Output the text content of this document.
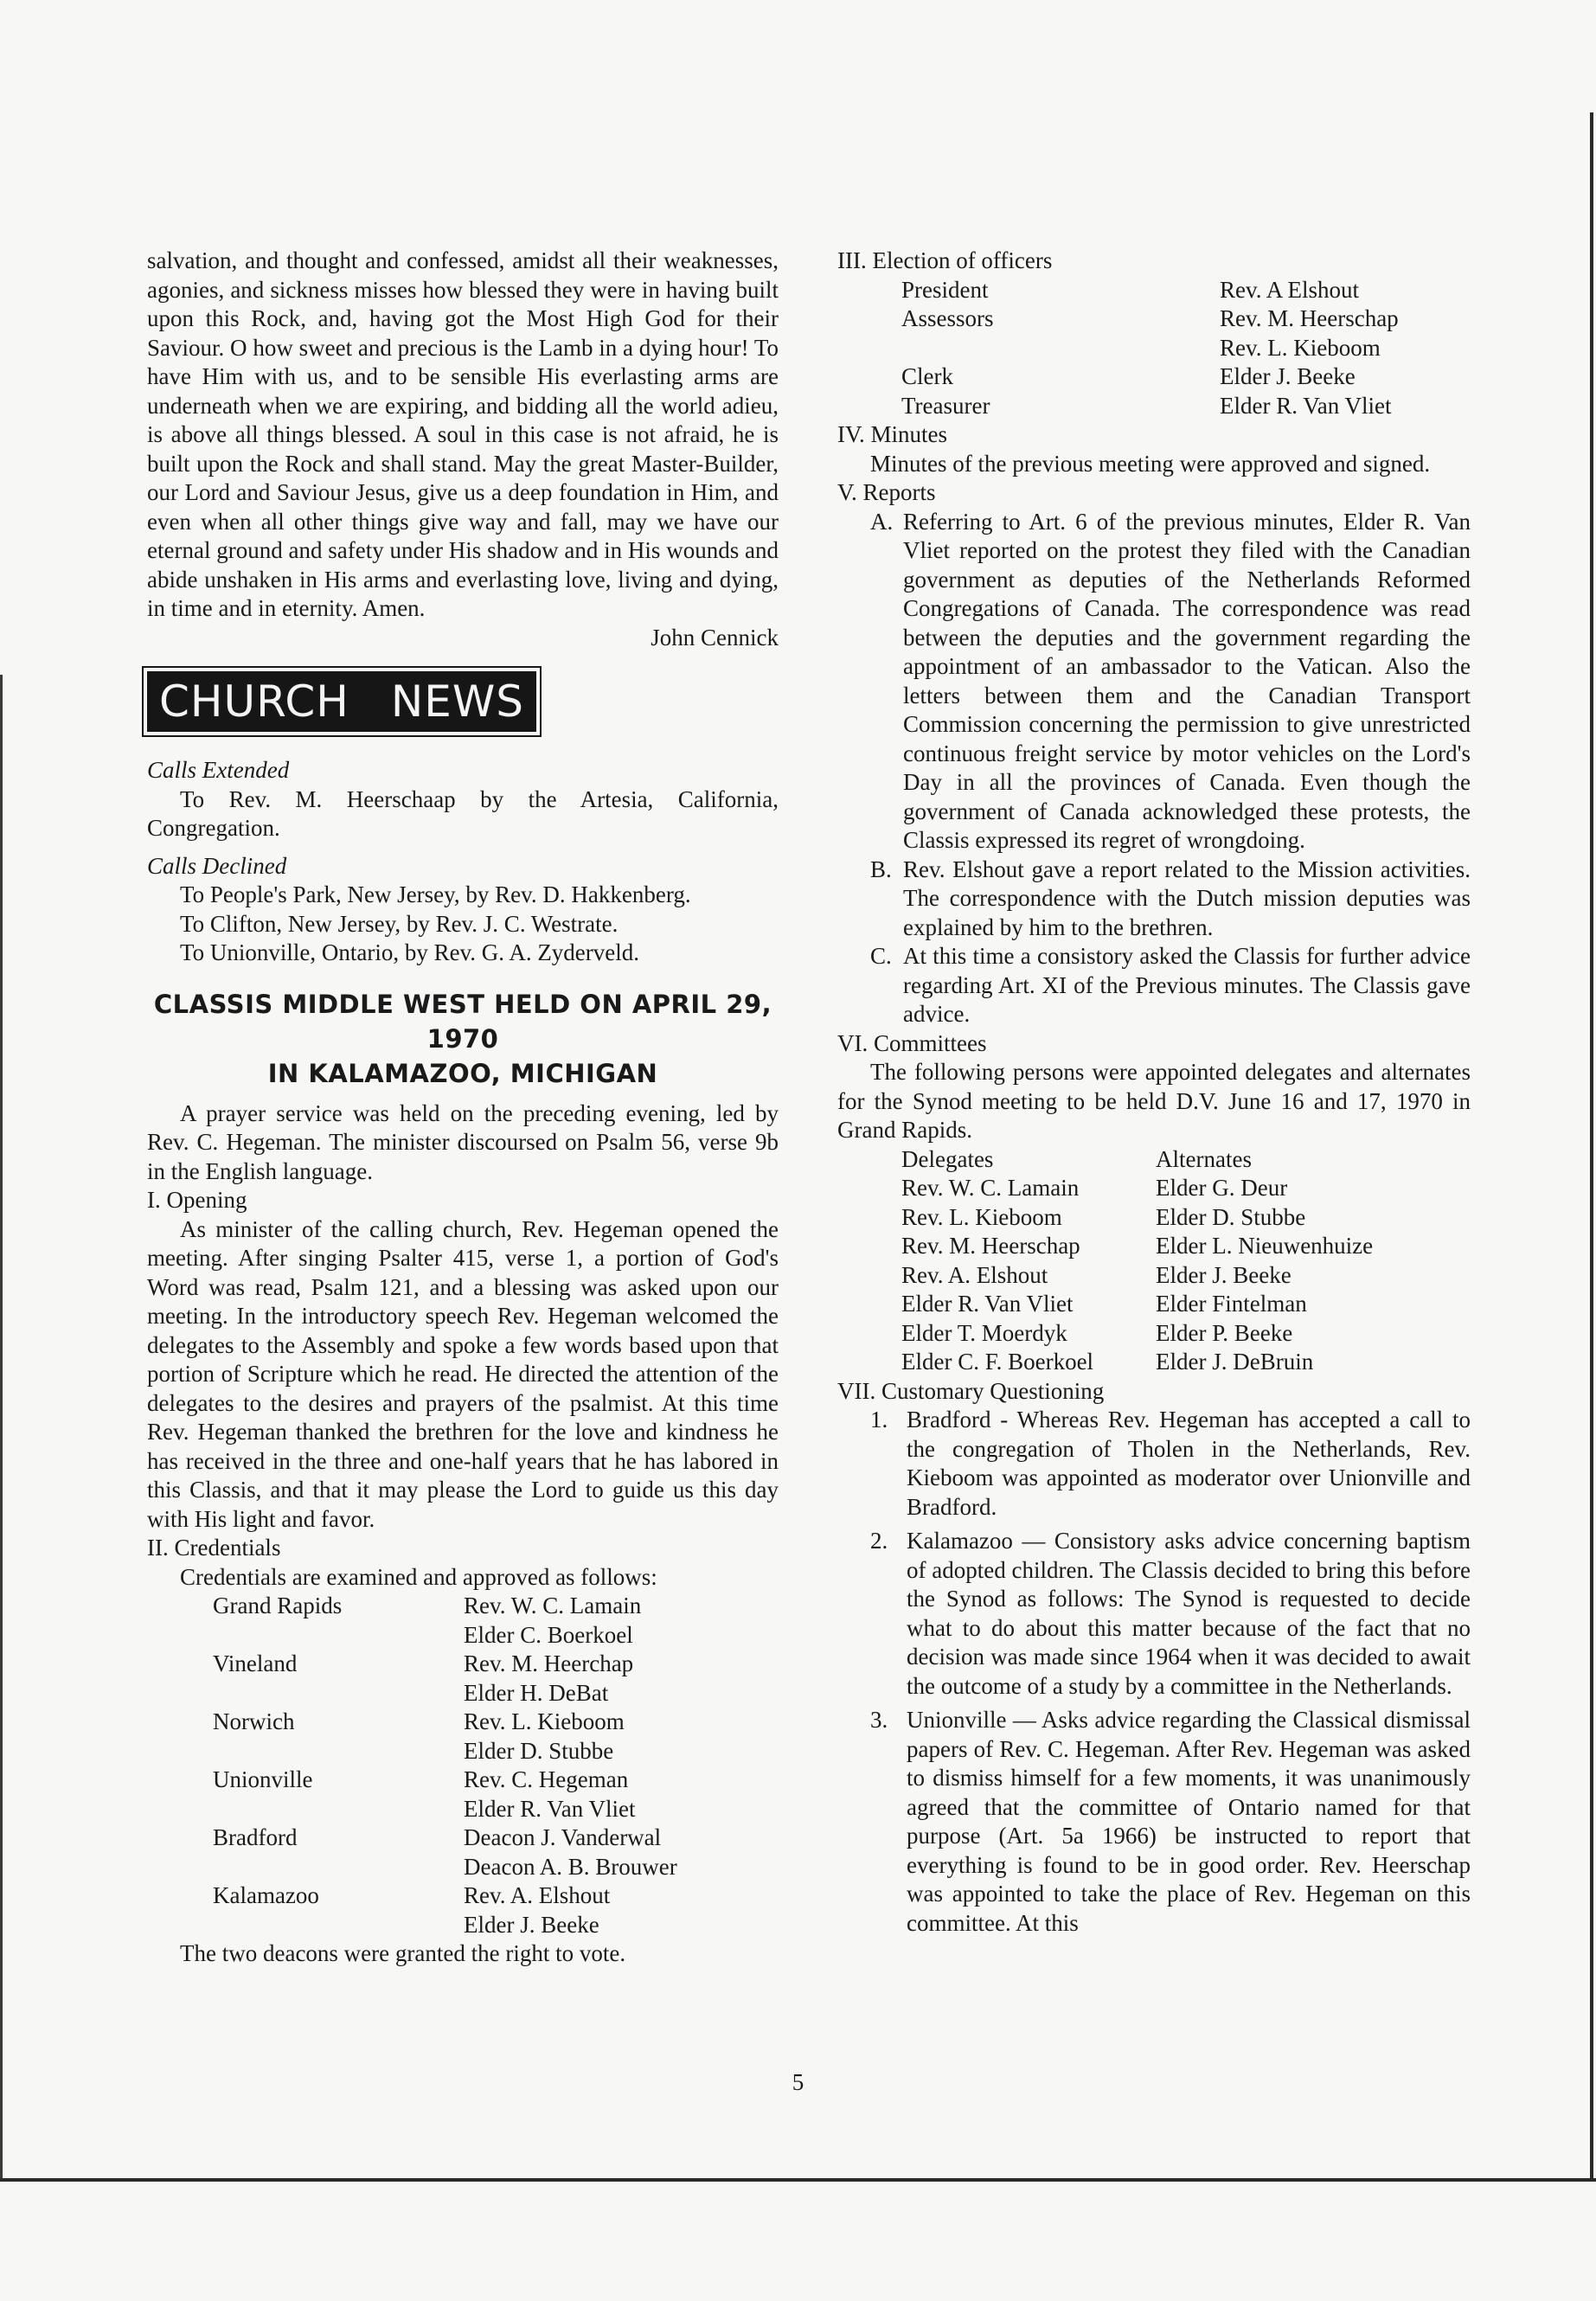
salvation, and thought and confessed, amidst all their weaknesses, agonies, and sickness misses how blessed they were in having built upon this Rock, and, having got the Most High God for their Saviour. O how sweet and precious is the Lamb in a dying hour! To have Him with us, and to be sensible His everlasting arms are underneath when we are expiring, and bidding all the world adieu, is above all things blessed. A soul in this case is not afraid, he is built upon the Rock and shall stand. May the great Master-Builder, our Lord and Saviour Jesus, give us a deep foundation in Him, and even when all other things give way and fall, may we have our eternal ground and safety under His shadow and in His wounds and abide unshaken in His arms and everlasting love, living and dying, in time and in eternity. Amen.

John Cennick

CHURCH NEWS

Calls Extended

To Rev. M. Heerschaap by the Artesia, California, Congregation.

Calls Declined

To People's Park, New Jersey, by Rev. D. Hakkenberg.

To Clifton, New Jersey, by Rev. J. C. Westrate.

To Unionville, Ontario, by Rev. G. A. Zyderveld.

CLASSIS MIDDLE WEST HELD ON APRIL 29, 1970
IN KALAMAZOO, MICHIGAN

A prayer service was held on the preceding evening, led by Rev. C. Hegeman. The minister discoursed on Psalm 56, verse 9b in the English language.

I. Opening

As minister of the calling church, Rev. Hegeman opened the meeting. After singing Psalter 415, verse 1, a portion of God's Word was read, Psalm 121, and a blessing was asked upon our meeting. In the introductory speech Rev. Hegeman welcomed the delegates to the Assembly and spoke a few words based upon that portion of Scripture which he read. He directed the attention of the delegates to the desires and prayers of the psalmist. At this time Rev. Hegeman thanked the brethren for the love and kindness he has received in the three and one-half years that he has labored in this Classis, and that it may please the Lord to guide us this day with His light and favor.

II. Credentials

Credentials are examined and approved as follows:

Grand Rapids	Rev. W. C. Lamain
	Elder C. Boerkoel
Vineland	Rev. M. Heerchap
	Elder H. DeBat
Norwich	Rev. L. Kieboom
	Elder D. Stubbe
Unionville	Rev. C. Hegeman
	Elder R. Van Vliet
Bradford	Deacon J. Vanderwal
	Deacon A. B. Brouwer
Kalamazoo	Rev. A. Elshout
	Elder J. Beeke

The two deacons were granted the right to vote.

III. Election of officers

President	Rev. A Elshout
Assessors	Rev. M. Heerschap
	Rev. L. Kieboom
Clerk	Elder J. Beeke
Treasurer	Elder R. Van Vliet

IV. Minutes

Minutes of the previous meeting were approved and signed.

V. Reports

A. Referring to Art. 6 of the previous minutes, Elder R. Van Vliet reported on the protest they filed with the Canadian government as deputies of the Netherlands Reformed Congregations of Canada. The correspondence was read between the deputies and the government regarding the appointment of an ambassador to the Vatican. Also the letters between them and the Canadian Transport Commission concerning the permission to give unrestricted continuous freight service by motor vehicles on the Lord's Day in all the provinces of Canada. Even though the government of Canada acknowledged these protests, the Classis expressed its regret of wrongdoing.
B. Rev. Elshout gave a report related to the Mission activities. The correspondence with the Dutch mission deputies was explained by him to the brethren.
C. At this time a consistory asked the Classis for further advice regarding Art. XI of the Previous minutes. The Classis gave advice.

VI. Committees

The following persons were appointed delegates and alternates for the Synod meeting to be held D.V. June 16 and 17, 1970 in Grand Rapids.

Delegates	Alternates
Rev. W. C. Lamain	Elder G. Deur
Rev. L. Kieboom	Elder D. Stubbe
Rev. M. Heerschap	Elder L. Nieuwenhuize
Rev. A. Elshout	Elder J. Beeke
Elder R. Van Vliet	Elder Fintelman
Elder T. Moerdyk	Elder P. Beeke
Elder C. F. Boerkoel	Elder J. DeBruin

VII. Customary Questioning

1. Bradford - Whereas Rev. Hegeman has accepted a call to the congregation of Tholen in the Netherlands, Rev. Kieboom was appointed as moderator over Unionville and Bradford.
2. Kalamazoo — Consistory asks advice concerning baptism of adopted children. The Classis decided to bring this before the Synod as follows: The Synod is requested to decide what to do about this matter because of the fact that no decision was made since 1964 when it was decided to await the outcome of a study by a committee in the Netherlands.
3. Unionville — Asks advice regarding the Classical dismissal papers of Rev. C. Hegeman. After Rev. Hegeman was asked to dismiss himself for a few moments, it was unanimously agreed that the committee of Ontario named for that purpose (Art. 5a 1966) be instructed to report that everything is found to be in good order. Rev. Heerschap was appointed to take the place of Rev. Hegeman on this committee. At this
5
